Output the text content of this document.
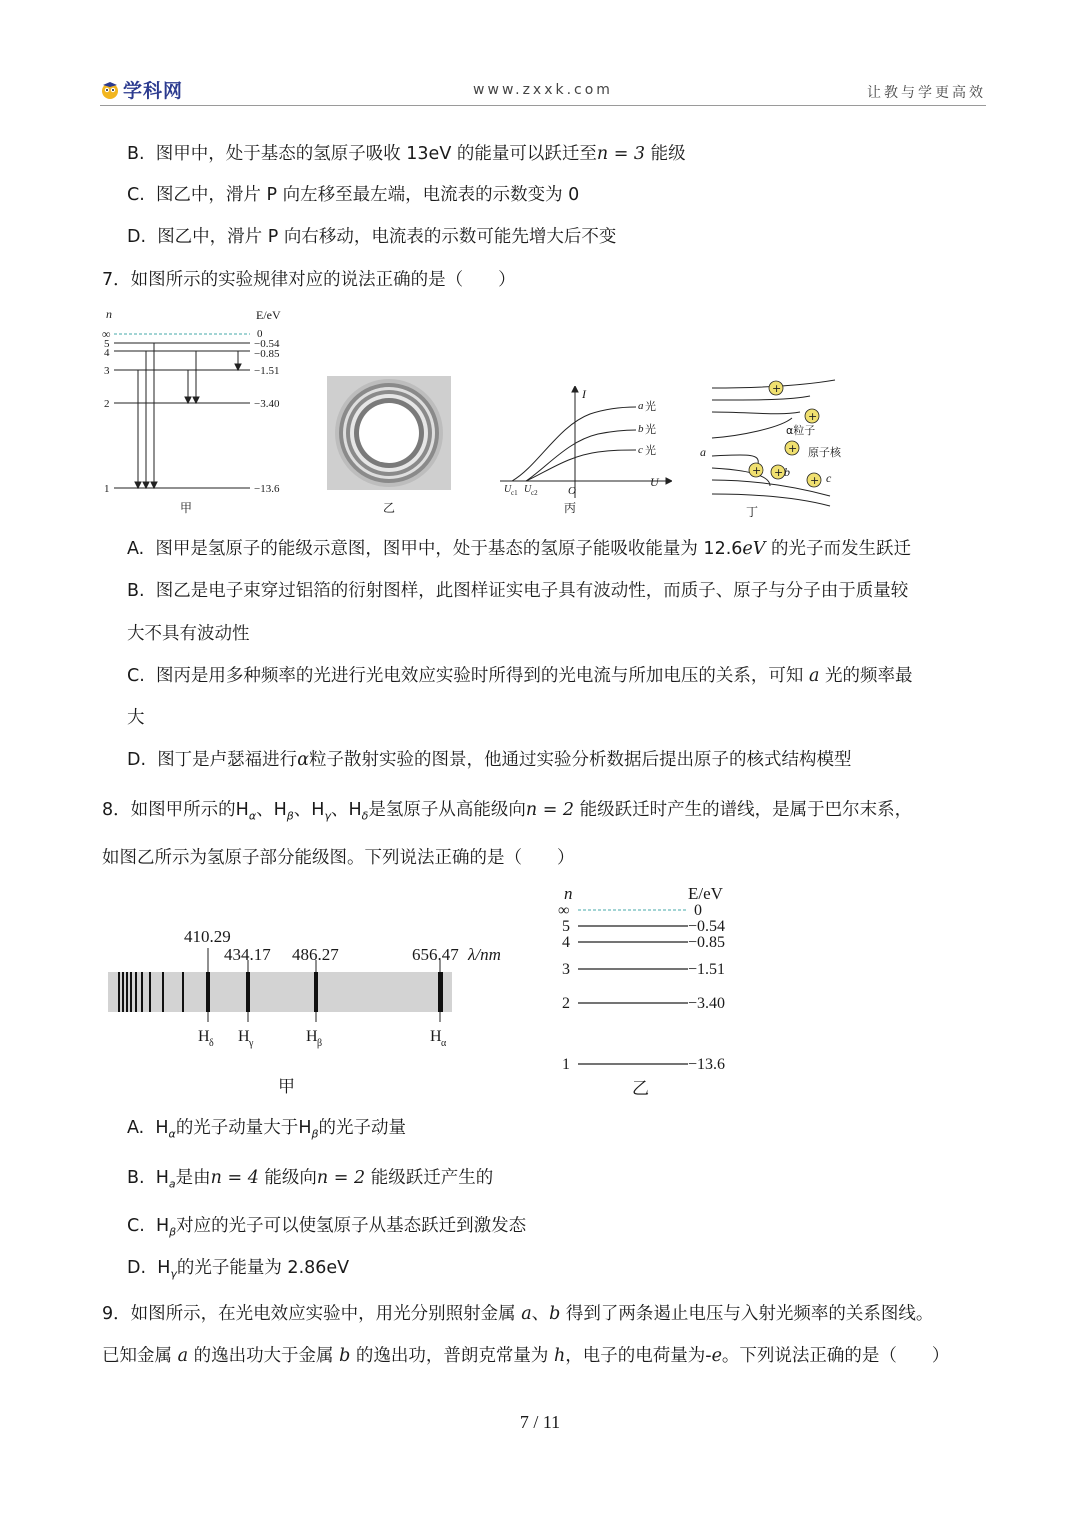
学科网	www.zxxk.com	让教与学更高效
B. 图甲中，处于基态的氢原子吸收 13eV 的能量可以跃迁至n = 3 能级
C. 图乙中，滑片 P 向左移至最左端，电流表的示数变为 0
D. 图乙中，滑片 P 向右移动，电流表的示数可能先增大后不变
7．如图所示的实验规律对应的说法正确的是（　　）
n	E/eV
∞
5
4
3
2
1
0
−0.54
−0.85
−1.51
−3.40
−13.6
甲	乙
I
U
O
a 光
b 光
c 光
U c1 U c2
丙
+
+
+
+
+
+
α粒子
原子核
a
b	c
丁
A. 图甲是氢原子的能级示意图，图甲中，处于基态的氢原子能吸收能量为 12.6eV 的光子而发生跃迁
B. 图乙是电子束穿过铝箔的衍射图样，此图样证实电子具有波动性，而质子、原子与分子由于质量较
大不具有波动性
C. 图丙是用多种频率的光进行光电效应实验时所得到的光电流与所加电压的关系，可知 a 光的频率最
大
D. 图丁是卢瑟福进行α粒子散射实验的图景，他通过实验分析数据后提出原子的核式结构模型
8．如图甲所示的$H_\alpha$、$H_\beta$、$H_\gamma$、$H_\delta$是氢原子从高能级向n = 2 能级跃迁时产生的谱线，是属于巴尔末系，
如图乙所示为氢原子部分能级图。下列说法正确的是（　　）
410.29
434.17 486.27	656.47 λ/nm
H δ H γ	H β	H α
甲
n	E/eV
∞
5
4
3
2
1
0
−0.54
−0.85
−1.51
−3.40
−13.6
乙
A. $H_\alpha$的光子动量大于$H_\beta$的光子动量
B. $H_a$是由n = 4 能级向n = 2 能级跃迁产生的
C. $H_\beta$对应的光子可以使氢原子从基态跃迁到激发态
D. $H_\gamma$的光子能量为 2.86eV
9．如图所示，在光电效应实验中，用光分别照射金属 a、b 得到了两条遏止电压与入射光频率的关系图线。
已知金属 a 的逸出功大于金属 b 的逸出功，普朗克常量为 h，电子的电荷量为-e。下列说法正确的是（　　）
7 / 11
